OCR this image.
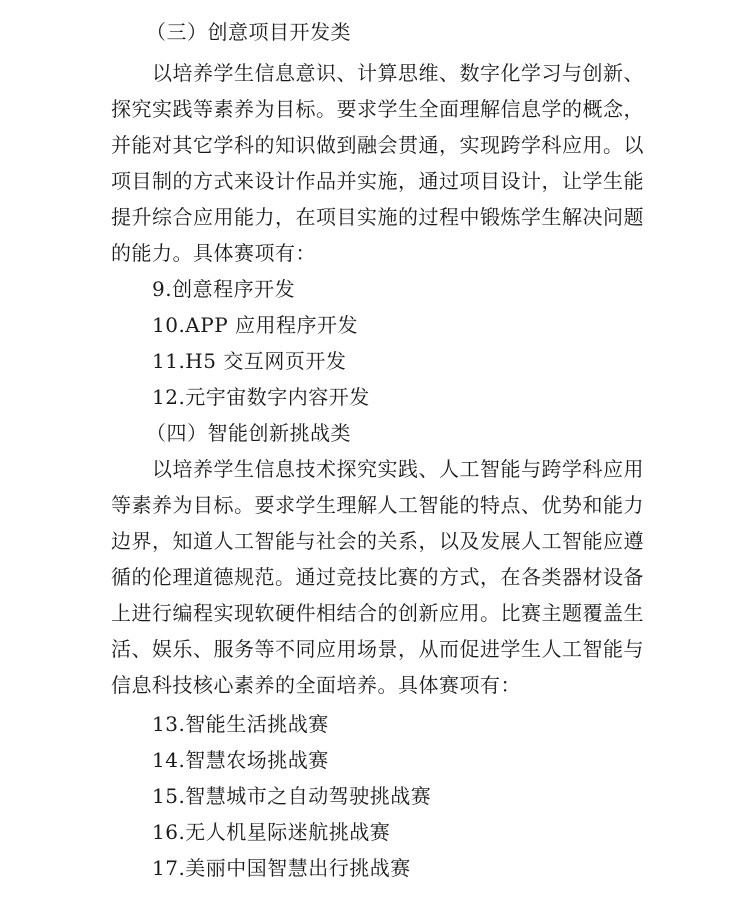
（三）创意项目开发类
以培养学生信息意识、计算思维、数字化学习与创新、
探究实践等素养为目标。要求学生全面理解信息学的概念，
并能对其它学科的知识做到融会贯通，实现跨学科应用。以
项目制的方式来设计作品并实施，通过项目设计，让学生能
提升综合应用能力，在项目实施的过程中锻炼学生解决问题
的能力。具体赛项有：
9.创意程序开发
10.APP 应用程序开发
11.H5 交互网页开发
12.元宇宙数字内容开发
（四）智能创新挑战类
以培养学生信息技术探究实践、人工智能与跨学科应用
等素养为目标。要求学生理解人工智能的特点、优势和能力
边界，知道人工智能与社会的关系，以及发展人工智能应遵
循的伦理道德规范。通过竞技比赛的方式，在各类器材设备
上进行编程实现软硬件相结合的创新应用。比赛主题覆盖生
活、娱乐、服务等不同应用场景，从而促进学生人工智能与
信息科技核心素养的全面培养。具体赛项有：
13.智能生活挑战赛
14.智慧农场挑战赛
15.智慧城市之自动驾驶挑战赛
16.无人机星际迷航挑战赛
17.美丽中国智慧出行挑战赛
